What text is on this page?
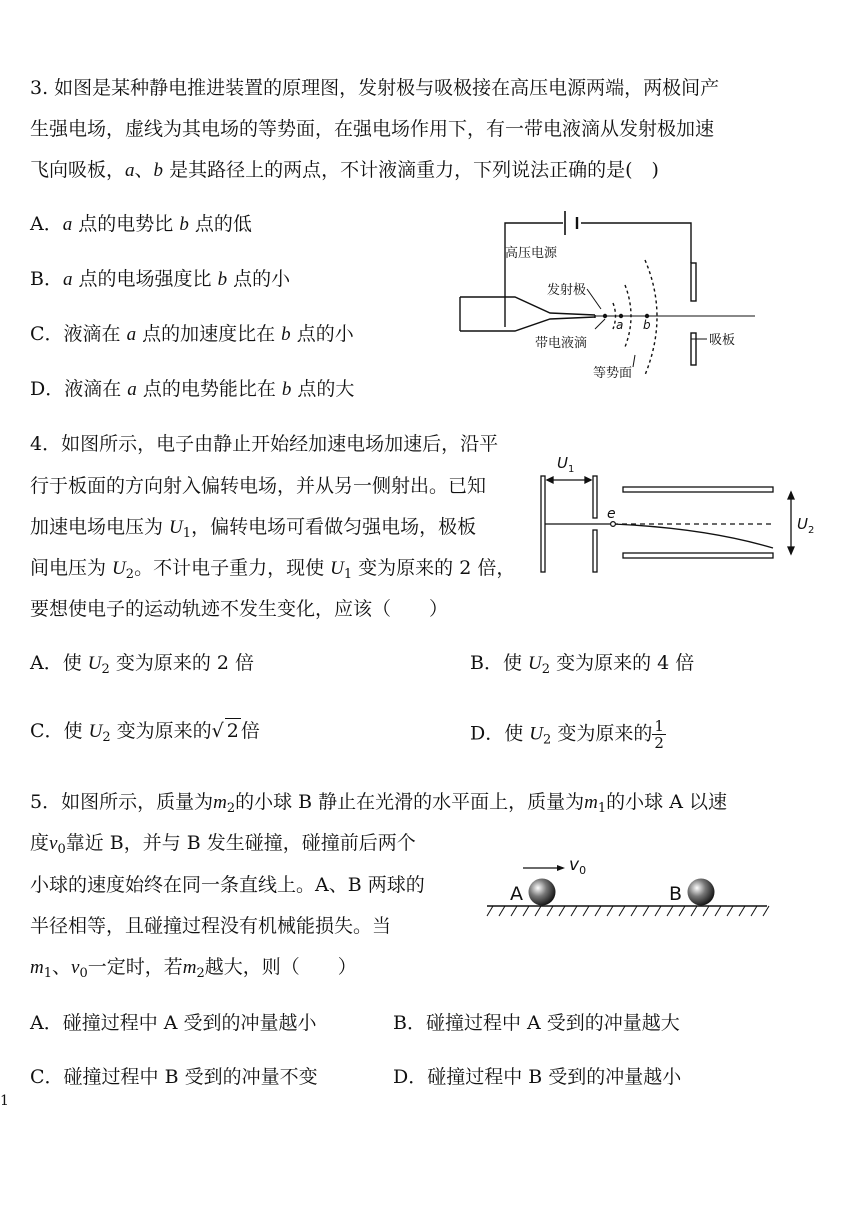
3. 如图是某种静电推进装置的原理图，发射极与吸极接在高压电源两端，两极间产
生强电场，虚线为其电场的等势面，在强电场作用下，有一带电液滴从发射极加速
飞向吸板，a、b 是其路径上的两点，不计液滴重力，下列说法正确的是(　)
A．a 点的电势比 b 点的低
B．a 点的电场强度比 b 点的小
C．液滴在 a 点的加速度比在 b 点的小
D．液滴在 a 点的电势能比在 b 点的大
高压电源
发射极
带电液滴
等势面
吸板
a b
4．如图所示，电子由静止开始经加速电场加速后，沿平
行于板面的方向射入偏转电场，并从另一侧射出。已知
加速电场电压为 $U_1$，偏转电场可看做匀强电场，极板
间电压为 $U_2$。不计电子重力，现使 $U_1$ 变为原来的 2 倍，
要想使电子的运动轨迹不发生变化，应该（　　）
A．使 $U_2$ 变为原来的 2 倍	B．使 $U_2$ 变为原来的 4 倍
C．使 $U_2$ 变为原来的√ 2 倍	D．使 $U_2$ 变为原来的 $\frac{1}{2}$
$U_1$
$U_2$
e
5．如图所示，质量为$m_2$的小球 B 静止在光滑的水平面上，质量为$m_1$的小球 A 以速
度$v_0$靠近 B，并与 B 发生碰撞，碰撞前后两个
小球的速度始终在同一条直线上。A、B 两球的
半径相等，且碰撞过程没有机械能损失。当
$m_1$、$v_0$一定时，若$m_2$越大，则（　　）
A．碰撞过程中 A 受到的冲量越小	B．碰撞过程中 A 受到的冲量越大
C．碰撞过程中 B 受到的冲量不变	D．碰撞过程中 B 受到的冲量越小
A	B
$v_0$
1
